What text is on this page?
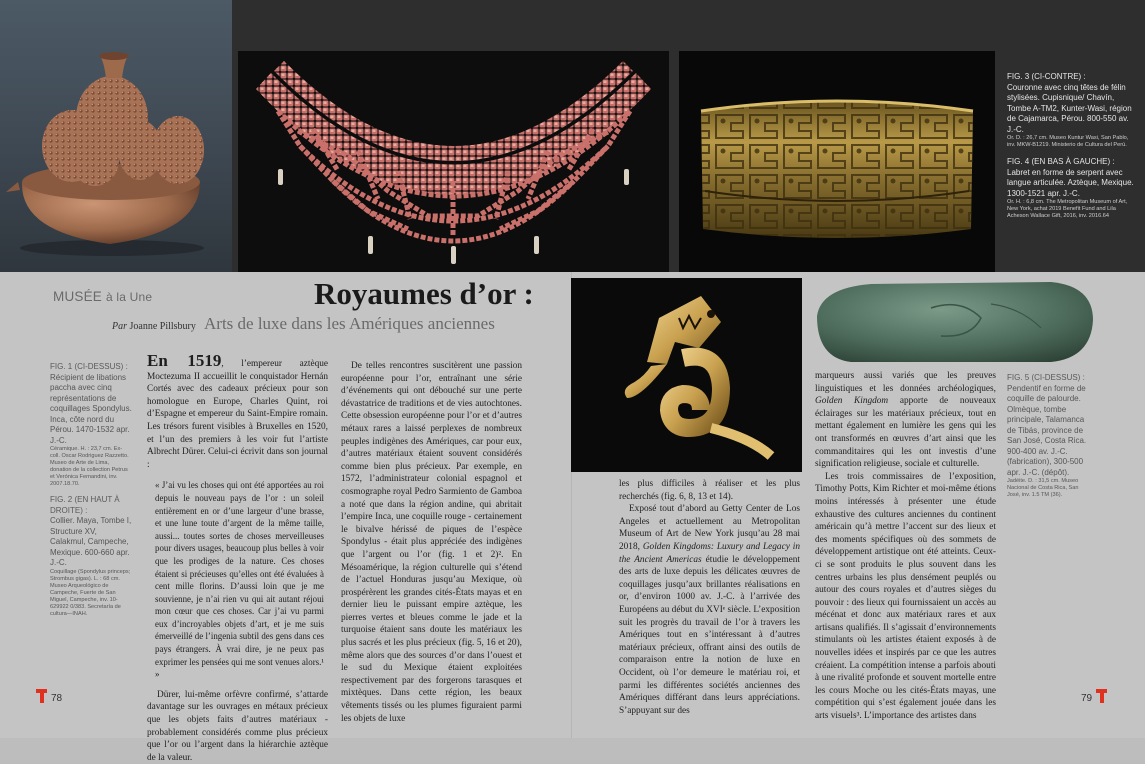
FIG. 3 (CI-CONTRE) :
Couronne avec cinq têtes de félin stylisées. Cupisnique/ Chavín, Tombe A-TM2, Kunter-Wasi, région de Cajamarca, Pérou. 800-550 av. J.-C.
Or. D. : 26,7 cm. Museo Kuntur Wasi, San Pablo, inv. MKW-B1219. Ministerio de Cultura del Perú.
FIG. 4 (EN BAS À GAUCHE) :
Labret en forme de serpent avec langue articulée. Aztèque, Mexique. 1300-1521 apr. J.-C.
Or. H. : 6,8 cm. The Metropolitan Museum of Art, New York, achat 2019 Benefit Fund and Lila Acheson Wallace Gift, 2016, inv. 2016.64
MUSÉE à la Une	Royaumes d’or :
Par Joanne Pillsbury Arts de luxe dans les Amériques anciennes
FIG. 1 (CI-DESSUS) :
Récipient de libations paccha avec cinq représentations de coquillages Spondylus. Inca, côte nord du Pérou. 1470-1532 apr. J.-C.
Céramique. H. : 23,7 cm. Ex-coll. Oscar Rodriguez Razzetto. Museo de Arte de Lima, donation de la collection Petrus et Verónica Fernandini, inv. 2007.18.70.
FIG. 2 (EN HAUT À DROITE) :
Collier. Maya, Tombe I, Structure XV, Calakmul, Campeche, Mexique. 600-660 apr. J.-C.
Coquillage (Spondylus princeps; Strombus gigas). L. : 68 cm. Museo Arqueológico de Campeche, Fuerte de San Miguel, Campeche, inv. 10-629922 0/383. Secretaría de cultura—INAH.

En 1519, l’empereur aztèque Moctezuma II accueillit le conquistador Hernán Cortés avec des cadeaux précieux pour son homologue en Europe, Charles Quint, roi d’Espagne et empereur du Saint-Empire romain. Les trésors furent visibles à Bruxelles en 1520, et l’un des premiers à les voir fut l’artiste Albrecht Dürer. Celui-ci écrivit dans son journal :

« J’ai vu les choses qui ont été apportées au roi depuis le nouveau pays de l’or : un soleil entièrement en or d’une largeur d’une brasse, et une lune toute d’argent de la même taille, aussi... toutes sortes de choses merveilleuses pour divers usages, beaucoup plus belles à voir que les prodiges de la nature. Ces choses étaient si précieuses qu’elles ont été évaluées à cent mille florins. D’aussi loin que je me souvienne, je n’ai rien vu qui ait autant réjoui mon cœur que ces choses. Car j’ai vu parmi eux d’incroyables objets d’art, et je me suis émerveillé de l’ingenia subtil des gens dans ces pays étrangers. À vrai dire, je ne peux pas exprimer les pensées qui me sont venues alors.¹ »

Dürer, lui-même orfèvre confirmé, s’attarde davantage sur les ouvrages en métaux précieux que les objets faits d’autres matériaux - probablement considérés comme plus précieux que l’or ou l’argent dans la hiérarchie aztèque de la valeur.

De telles rencontres suscitèrent une passion européenne pour l’or, entraînant une série d’événements qui ont débouché sur une perte dévastatrice de traditions et de vies autochtones. Cette obsession européenne pour l’or et d’autres métaux rares a laissé perplexes de nombreux peuples indigènes des Amériques, car pour eux, d’autres matériaux étaient souvent considérés comme bien plus précieux. Par exemple, en 1572, l’administrateur colonial espagnol et cosmographe royal Pedro Sarmiento de Gamboa a noté que dans la région andine, qui abritait l’empire Inca, une coquille rouge - certainement le bivalve hérissé de piques de l’espèce Spondylus - était plus appréciée des indigènes que l’argent ou l’or (fig. 1 et 2)². En Mésoamérique, la région culturelle qui s’étend de l’actuel Honduras jusqu’au Mexique, où prospérèrent les grandes cités-États mayas et en dernier lieu le puissant empire aztèque, les pierres vertes et bleues comme le jade et la turquoise étaient sans doute les matériaux les plus sacrés et les plus précieux (fig. 5, 16 et 20), même alors que des sources d’or dans l’ouest et le sud du Mexique étaient exploitées respectivement par des forgerons tarasques et mixtèques. Dans cette région, les beaux vêtements tissés ou les plumes figuraient parmi les objets de luxe

78

les plus difficiles à réaliser et les plus recherchés (fig. 6, 8, 13 et 14).

Exposé tout d’abord au Getty Center de Los Angeles et actuellement au Metropolitan Museum of Art de New York jusqu’au 28 mai 2018, Golden Kingdoms: Luxury and Legacy in the Ancient Americas étudie le développement des arts de luxe depuis les délicates œuvres de coquillages jusqu’aux brillantes réalisations en or, d’environ 1000 av. J.-C. à l’arrivée des Européens au début du XVIᵉ siècle. L’exposition suit les progrès du travail de l’or à travers les Amériques tout en s’intéressant à d’autres matériaux précieux, offrant ainsi des outils de comparaison entre la notion de luxe en Occident, où l’or demeure le matériau roi, et parmi les différentes sociétés anciennes des Amériques différant dans leurs appréciations. S’appuyant sur des

marqueurs aussi variés que les preuves linguistiques et les données archéologiques, Golden Kingdom apporte de nouveaux éclairages sur les matériaux précieux, tout en mettant également en lumière les gens qui les ont transformés en œuvres d’art ainsi que les commanditaires qui les ont investis d’une signification religieuse, sociale et culturelle.

Les trois commissaires de l’exposition, Timothy Potts, Kim Richter et moi-même étions moins intéressés à présenter une étude exhaustive des cultures anciennes du continent américain qu’à mettre l’accent sur des lieux et des moments spécifiques où des sommets de développement artistique ont été atteints. Ceux-ci se sont produits le plus souvent dans les centres urbains les plus densément peuplés ou autour des cours royales et d’autres sièges du pouvoir : des lieux qui fournissaient un accès au mécénat et donc aux matériaux rares et aux artisans qualifiés. Il s’agissait d’environnements stimulants où les artistes étaient exposés à de nouvelles idées et inspirés par ce que les autres créaient. La compétition intense a parfois abouti à une rivalité profonde et souvent mortelle entre les cours Moche ou les cités-États mayas, une compétition qui s’est également jouée dans les arts visuels³. L’importance des artistes dans

FIG. 5 (CI-DESSUS) :
Pendentif en forme de coquille de palourde. Olmèque, tombe principale, Talamanca de Tibás, province de San José, Costa Rica. 900-400 av. J.-C. (fabrication), 300-500 apr. J.-C. (dépôt).
Jadéite. D. : 31,5 cm. Museo Nacional de Costa Rica, San José, inv. 1.5 TM (36).
79
